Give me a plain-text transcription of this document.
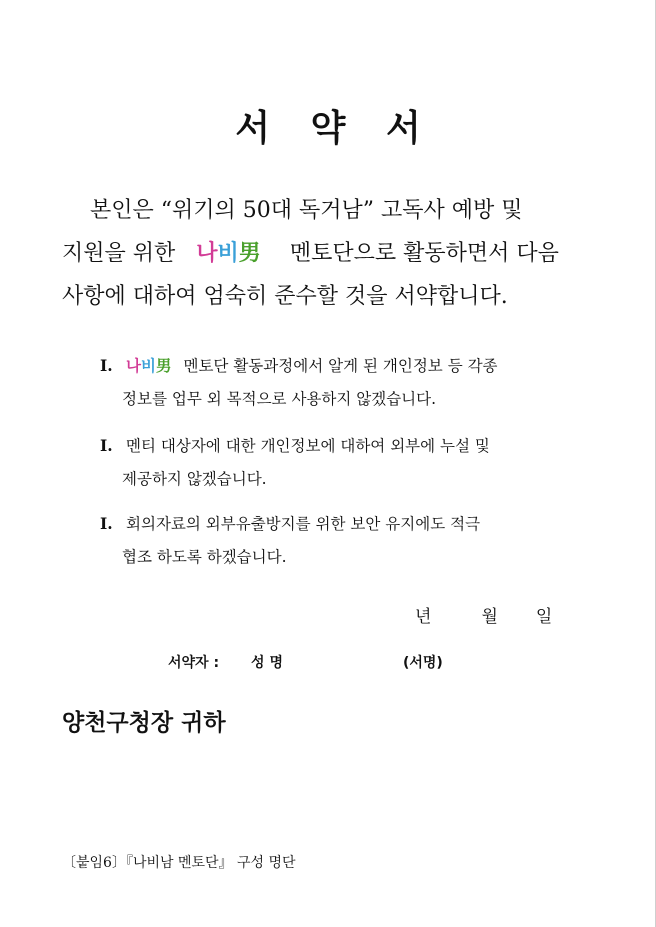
서 약 서
본인은 “위기의 50대 독거남” 고독사 예방 및
지원을 위한 나비男 멘토단으로 활동하면서 다음
사항에 대하여 엄숙히 준수할 것을 서약합니다.
Ⅰ. 나비男 멘토단 활동과정에서 알게 된 개인정보 등 각종
정보를 업무 외 목적으로 사용하지 않겠습니다.
Ⅰ. 멘티 대상자에 대한 개인정보에 대하여 외부에 누설 및
제공하지 않겠습니다.
Ⅰ. 회의자료의 외부유출방지를 위한 보안 유지에도 적극
협조 하도록 하겠습니다.
년	월 일
서약자 : 성 명	(서명)
양천구청장 귀하
〔붙임6〕『나비남 멘토단』 구성 명단
